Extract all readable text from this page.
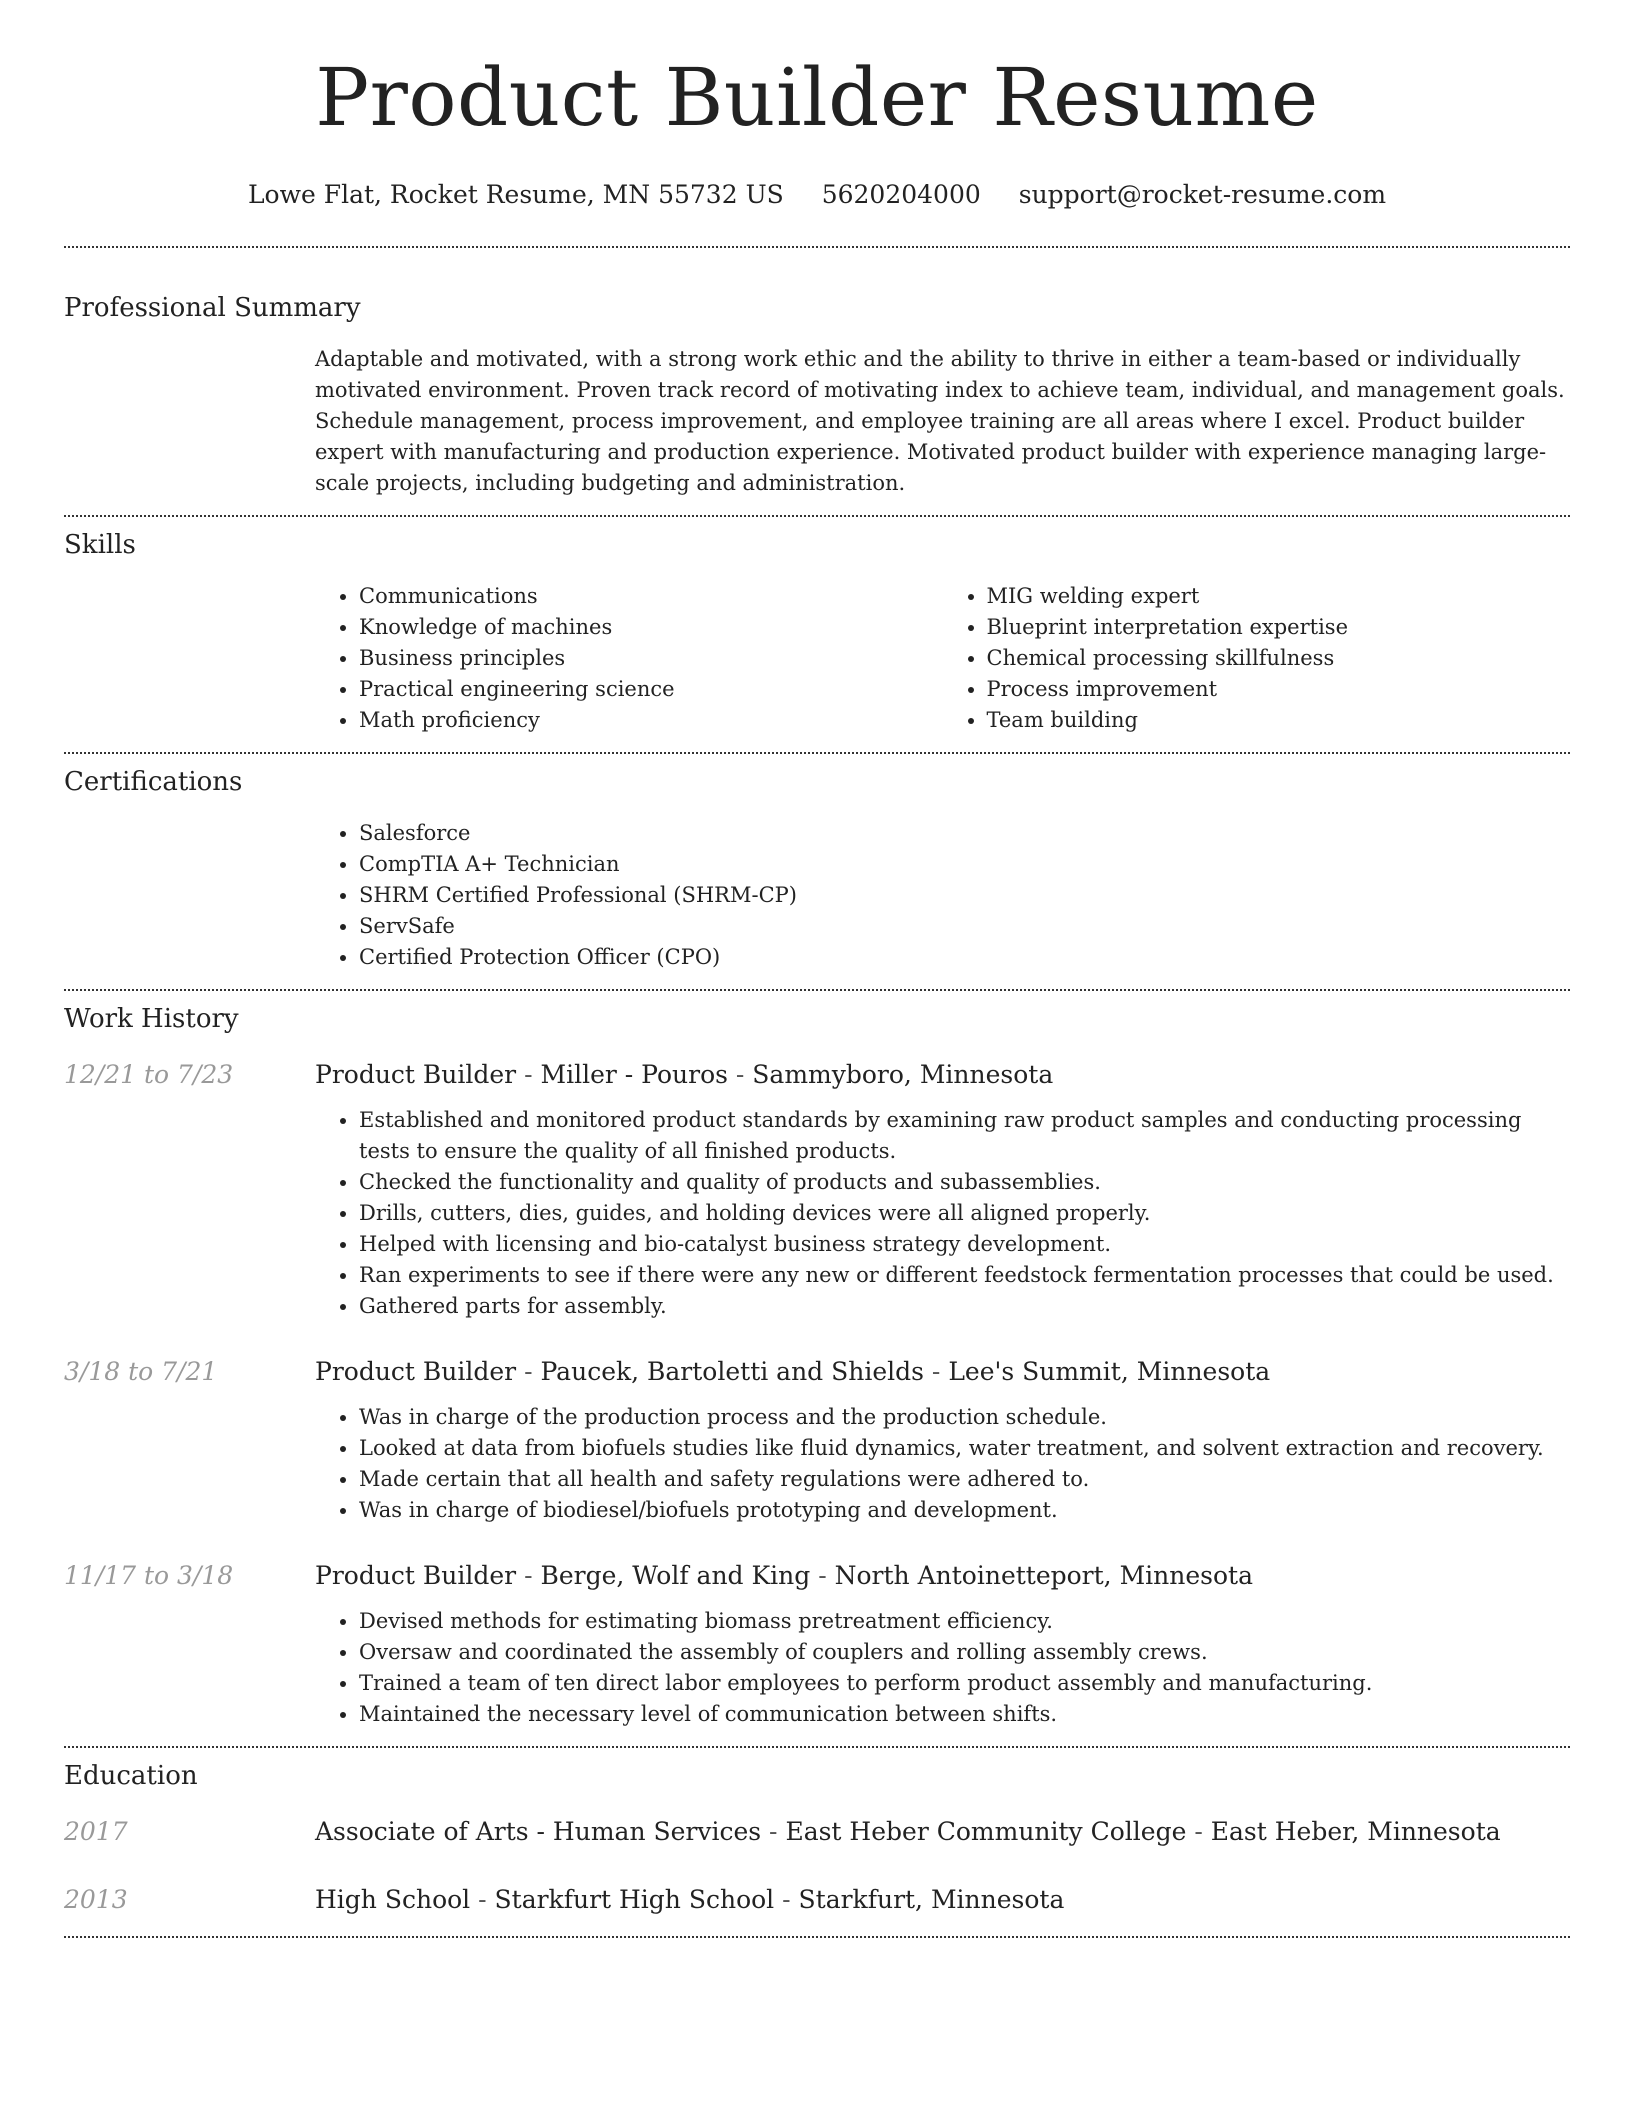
Product Builder Resume
Lowe Flat, Rocket Resume, MN 55732 US 5620204000 support@rocket-resume.com
Professional Summary

Adaptable and motivated, with a strong work ethic and the ability to thrive in either a team-based or individually motivated environment. Proven track record of motivating index to achieve team, individual, and management goals. Schedule management, process improvement, and employee training are all areas where I excel. Product builder expert with manufacturing and production experience. Motivated product builder with experience managing large-scale projects, including budgeting and administration.

Skills
• Communications
• Knowledge of machines
• Business principles
• Practical engineering science
• Math proficiency
• MIG welding expert
• Blueprint interpretation expertise
• Chemical processing skillfulness
• Process improvement
• Team building
Certifications
• Salesforce
• CompTIA A+ Technician
• SHRM Certified Professional (SHRM-CP)
• ServSafe
• Certified Protection Officer (CPO)
Work History
12/21 to 7/23	Product Builder - Miller - Pouros - Sammyboro, Minnesota
• Established and monitored product standards by examining raw product samples and conducting processing tests to ensure the quality of all finished products.
• Checked the functionality and quality of products and subassemblies.
• Drills, cutters, dies, guides, and holding devices were all aligned properly.
• Helped with licensing and bio-catalyst business strategy development.
• Ran experiments to see if there were any new or different feedstock fermentation processes that could be used.
• Gathered parts for assembly.
3/18 to 7/21	Product Builder - Paucek, Bartoletti and Shields - Lee's Summit, Minnesota
• Was in charge of the production process and the production schedule.
• Looked at data from biofuels studies like fluid dynamics, water treatment, and solvent extraction and recovery.
• Made certain that all health and safety regulations were adhered to.
• Was in charge of biodiesel/biofuels prototyping and development.
11/17 to 3/18	Product Builder - Berge, Wolf and King - North Antoinetteport, Minnesota
• Devised methods for estimating biomass pretreatment efficiency.
• Oversaw and coordinated the assembly of couplers and rolling assembly crews.
• Trained a team of ten direct labor employees to perform product assembly and manufacturing.
• Maintained the necessary level of communication between shifts.
Education
2017	Associate of Arts - Human Services - East Heber Community College - East Heber, Minnesota
2013	High School - Starkfurt High School - Starkfurt, Minnesota
